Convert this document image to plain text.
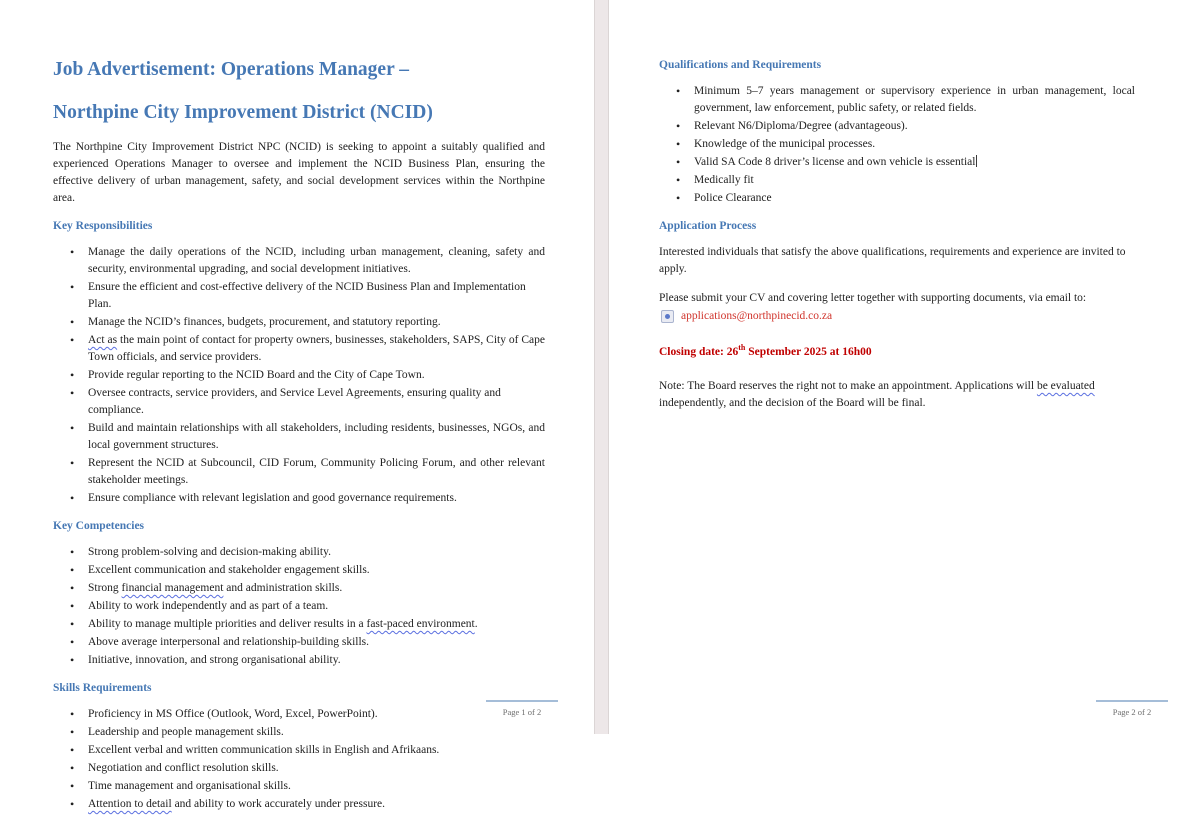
Job Advertisement: Operations Manager –
Northpine City Improvement District (NCID)

The Northpine City Improvement District NPC (NCID) is seeking to appoint a suitably qualified and experienced Operations Manager to oversee and implement the NCID Business Plan, ensuring the effective delivery of urban management, safety, and social development services within the Northpine area.

Key Responsibilities
• Manage the daily operations of the NCID, including urban management, cleaning, safety and security, environmental upgrading, and social development initiatives.
• Ensure the efficient and cost-effective delivery of the NCID Business Plan and Implementation Plan.
• Manage the NCID’s finances, budgets, procurement, and statutory reporting.
• Act as the main point of contact for property owners, businesses, stakeholders, SAPS, City of Cape Town officials, and service providers.
• Provide regular reporting to the NCID Board and the City of Cape Town.
• Oversee contracts, service providers, and Service Level Agreements, ensuring quality and compliance.
• Build and maintain relationships with all stakeholders, including residents, businesses, NGOs, and local government structures.
• Represent the NCID at Subcouncil, CID Forum, Community Policing Forum, and other relevant stakeholder meetings.
• Ensure compliance with relevant legislation and good governance requirements.
Key Competencies
• Strong problem-solving and decision-making ability.
• Excellent communication and stakeholder engagement skills.
• Strong financial management and administration skills.
• Ability to work independently and as part of a team.
• Ability to manage multiple priorities and deliver results in a fast-paced environment.
• Above average interpersonal and relationship-building skills.
• Initiative, innovation, and strong organisational ability.
Skills Requirements
• Proficiency in MS Office (Outlook, Word, Excel, PowerPoint).
• Leadership and people management skills.
• Excellent verbal and written communication skills in English and Afrikaans.
• Negotiation and conflict resolution skills.
• Time management and organisational skills.
• Attention to detail and ability to work accurately under pressure.
Page 1 of 2
Qualifications and Requirements
• Minimum 5–7 years management or supervisory experience in urban management, local government, law enforcement, public safety, or related fields.
• Relevant N6/Diploma/Degree (advantageous).
• Knowledge of the municipal processes.
• Valid SA Code 8 driver’s license and own vehicle is essential
• Medically fit
• Police Clearance
Application Process

Interested individuals that satisfy the above qualifications, requirements and experience are invited to apply.

Please submit your CV and covering letter together with supporting documents, via email to:

applications@northpinecid.co.za

Closing date: 26th September 2025 at 16h00

Note: The Board reserves the right not to make an appointment. Applications will be evaluated independently, and the decision of the Board will be final.

Page 2 of 2
